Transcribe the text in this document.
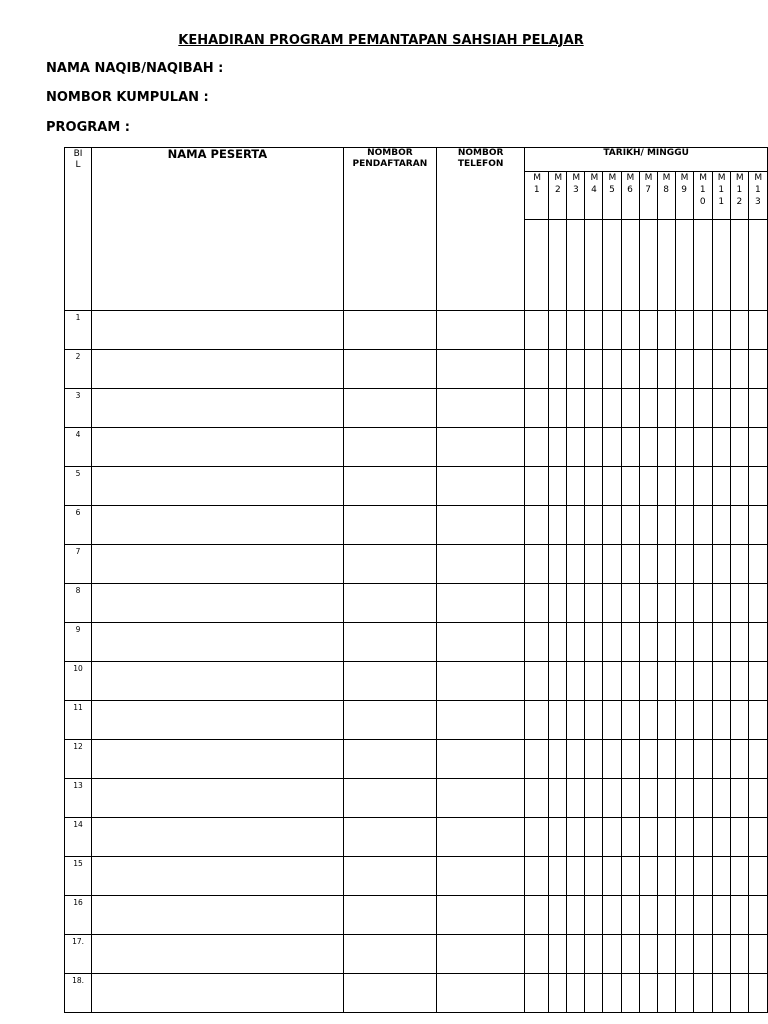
KEHADIRAN PROGRAM PEMANTAPAN SAHSIAH PELAJAR
NAMA NAQIB/NAQIBAH :
NOMBOR KUMPULAN :
PROGRAM :
BIL	NAMA PESERTA	NOMBOR PENDAFTARAN	NOMBOR TELEFON	TARIKH/ MINGGU												

				M1	M2	M3	M4	M5	M6	M7	M8	M9	M10	M11	M12	M13

1																
2																
3																
4																
5																
6																
7																
8																
9																
10																
11																
12																
13																
14																
15																
16																
17.																
18.																
